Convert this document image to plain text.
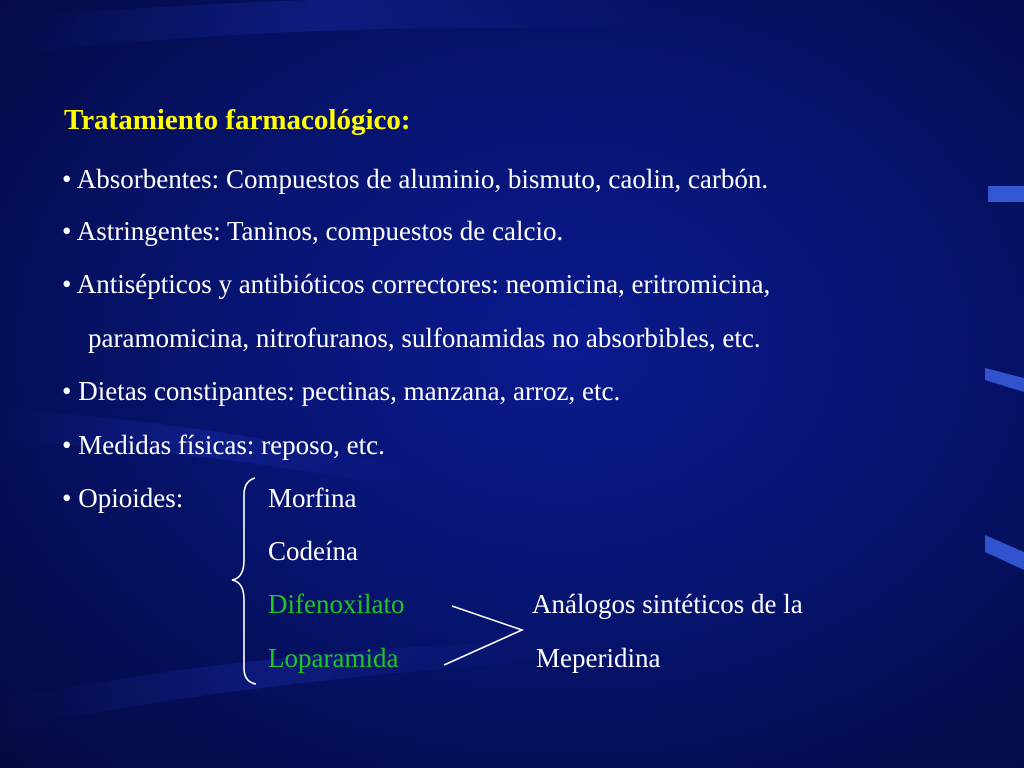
Tratamiento farmacológico:
• Absorbentes: Compuestos de aluminio, bismuto, caolin, carbón.
• Astringentes: Taninos, compuestos de calcio.
• Antisépticos y antibióticos correctores: neomicina, eritromicina,
paramomicina, nitrofuranos, sulfonamidas no absorbibles, etc.
• Dietas constipantes: pectinas, manzana, arroz, etc.
• Medidas físicas: reposo, etc.
• Opioides:	Morfina
Codeína
Difenoxilato
Loparamida
Análogos sintéticos de la
Meperidina
